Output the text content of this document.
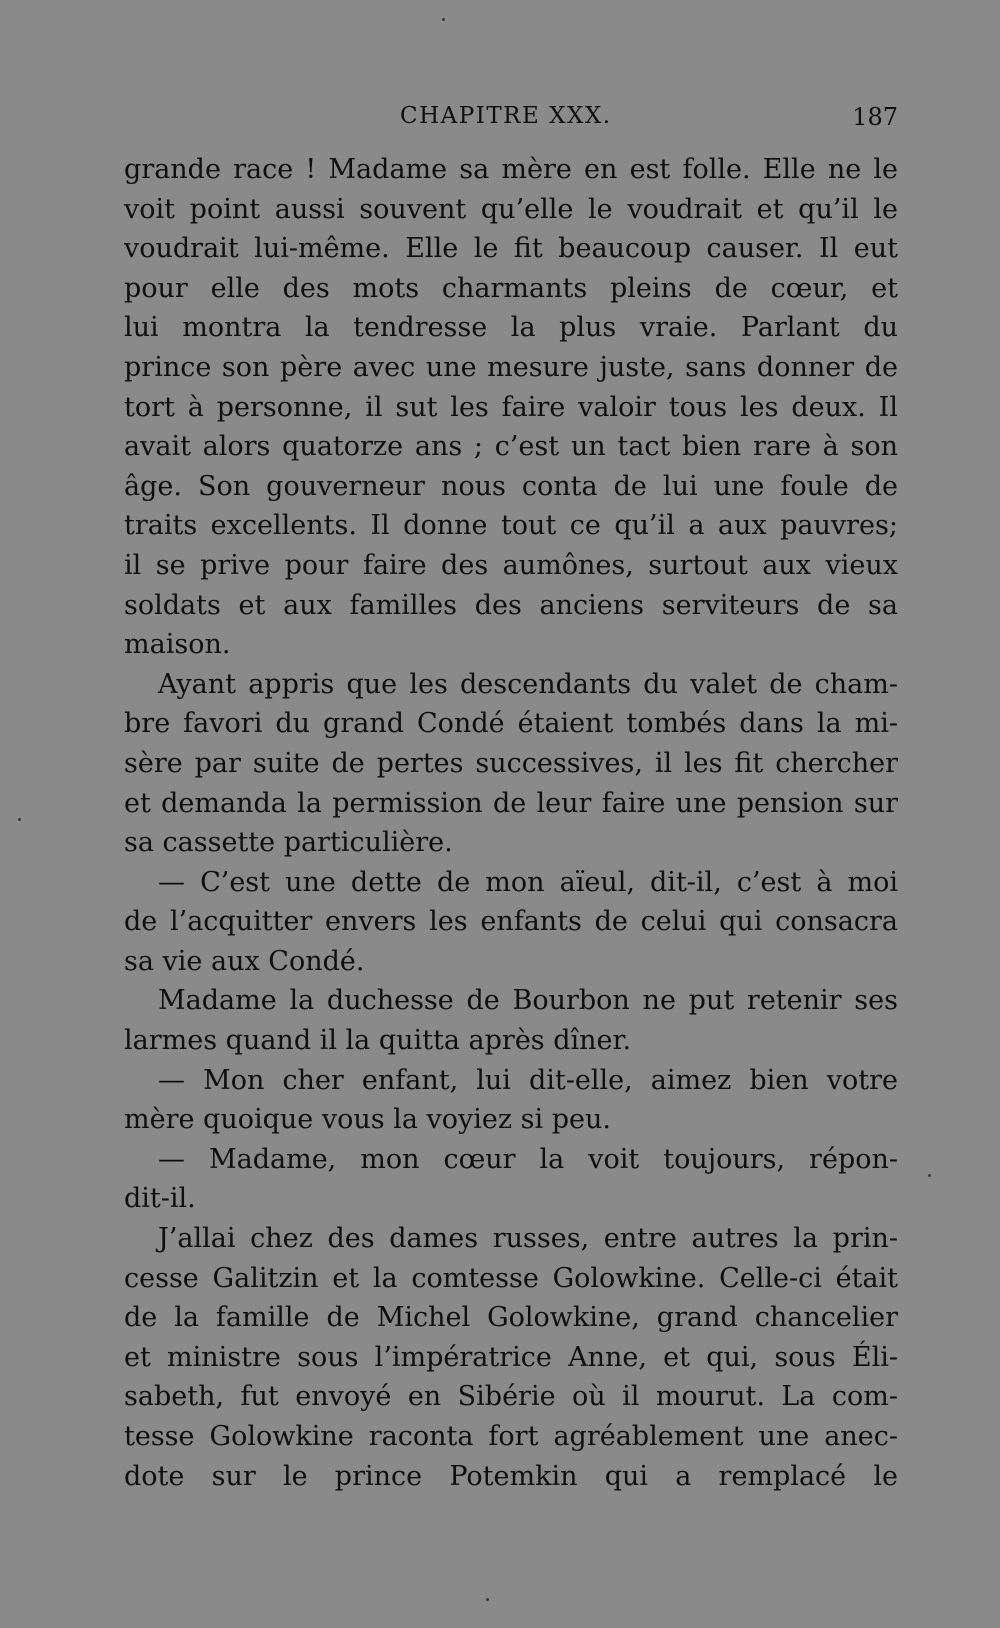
CHAPITRE XXX.	187
grande race ! Madame sa mère en est folle. Elle ne le
voit point aussi souvent qu’elle le voudrait et qu’il le
voudrait lui-même. Elle le fit beaucoup causer. Il eut
pour elle des mots charmants pleins de cœur, et
lui montra la tendresse la plus vraie. Parlant du
prince son père avec une mesure juste, sans donner de
tort à personne, il sut les faire valoir tous les deux. Il
avait alors quatorze ans ; c’est un tact bien rare à son
âge. Son gouverneur nous conta de lui une foule de
traits excellents. Il donne tout ce qu’il a aux pauvres;
il se prive pour faire des aumônes, surtout aux vieux
soldats et aux familles des anciens serviteurs de sa
maison.
Ayant appris que les descendants du valet de cham-
bre favori du grand Condé étaient tombés dans la mi-
sère par suite de pertes successives, il les fit chercher
et demanda la permission de leur faire une pension sur
sa cassette particulière.
— C’est une dette de mon aïeul, dit-il, c’est à moi
de l’acquitter envers les enfants de celui qui consacra
sa vie aux Condé.
Madame la duchesse de Bourbon ne put retenir ses
larmes quand il la quitta après dîner.
— Mon cher enfant, lui dit-elle, aimez bien votre
mère quoique vous la voyiez si peu.
— Madame, mon cœur la voit toujours, répon-
dit-il.
J’allai chez des dames russes, entre autres la prin-
cesse Galitzin et la comtesse Golowkine. Celle-ci était
de la famille de Michel Golowkine, grand chancelier
et ministre sous l’impératrice Anne, et qui, sous Éli-
sabeth, fut envoyé en Sibérie où il mourut. La com-
tesse Golowkine raconta fort agréablement une anec-
dote sur le prince Potemkin qui a remplacé le
